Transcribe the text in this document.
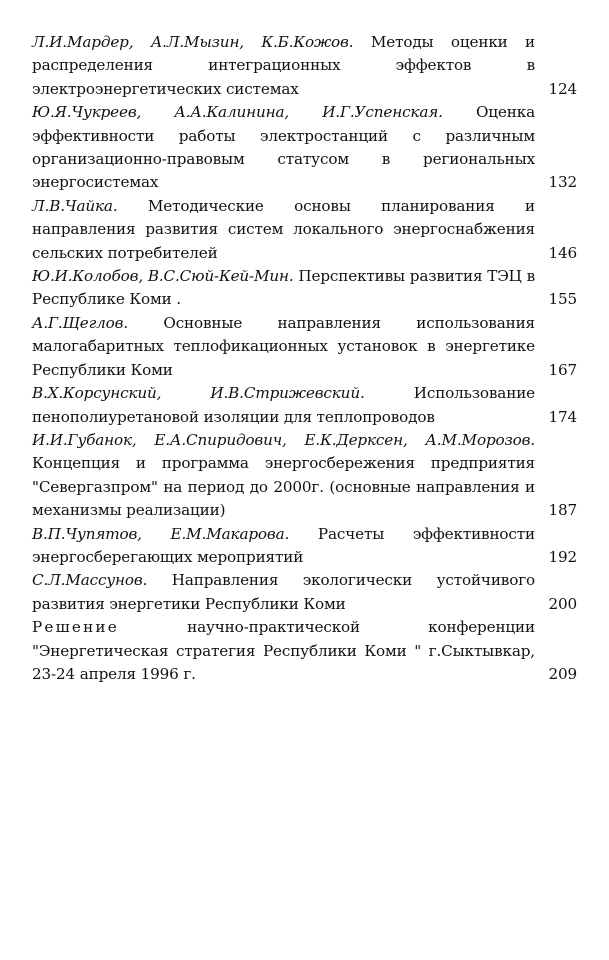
Л.И.Мардер, А.Л.Мызин, К.Б.Кожов. Методы оценки и распределения интеграционных эффектов в электроэнергетических системах	124
Ю.Я.Чукреев, А.А.Калинина, И.Г.Успенская. Оценка эффективности работы электростанций с различным организационно-правовым статусом в региональных энергосистемах	132
Л.В.Чайка. Методические основы планирования и направления развития систем локального энергоснабжения сельских потребителей	146
Ю.И.Колобов, В.С.Сюй-Кей-Мин. Перспективы развития ТЭЦ в Республике Коми .	155
А.Г.Щеглов. Основные направления использования малогабаритных теплофикационных установок в энергетике Республики Коми	167
В.Х.Корсунский, И.В.Стрижевский.	Использование пенополиуретановой изоляции для теплопроводов	174
И.И.Губанок, Е.А.Спиридович, Е.К.Дерксен, А.М.Морозов. Концепция и программа энергосбережения предприятия "Севергазпром" на период до 2000г. (основные направления и механизмы реализации)	187
В.П.Чупятов, Е.М.Макарова. Расчеты эффективности энергосберегающих мероприятий	192
С.Л.Массунов. Направления экологически устойчивого развития энергетики Республики Коми	200
Решение	научно-практической конференции "Энергетическая стратегия Республики Коми " г.Сыктывкар, 23-24 апреля 1996 г.	209
